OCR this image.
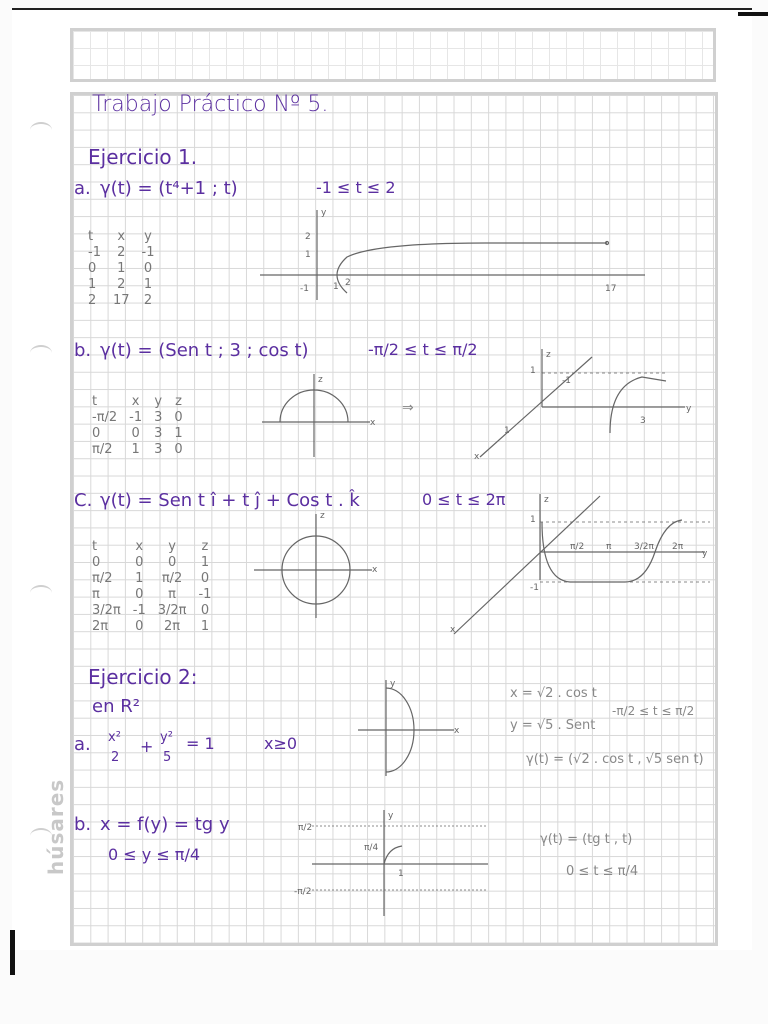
húsares
Trabajo Práctico Nº 5.
Ejercicio 1.
a. γ(t) = (t⁴+1 ; t)	-1 ≤ t ≤ 2
t	x	y
-1	2	-1
0	1	0
1	2	1
2	17	2
y
2
1
-1	1 2
17
b. γ(t) = (Sen t ; 3 ; cos t)	-π/2 ≤ t ≤ π/2
t	x	y	z
-π/2	-1	3	0
0	0	3	1
π/2	1	3	0
z
x
⇒
z
y
x
1
-1
3
1
C. γ(t) = Sen t î + t ĵ + Cos t . k̂	0 ≤ t ≤ 2π
t	x	y	z
0	0	0	1
π/2	1	π/2	0
π	0	π	-1
3/2π	-1	3/2π	0
2π	0	2π	1
z
x
z
y
x
π/2 π	3/2π 2π
1
-1
Ejercicio 2:
en R²
a. x²
2
y²
5
+ = 1	x≥0
y
x
x = √2 . cos t
y = √5 . Sent
-π/2 ≤ t ≤ π/2
γ(t) = (√2 . cos t , √5 sen t)
b. x = f(y) = tg y
0 ≤ y ≤ π/4
y
π/2
π/4
1
-π/2
γ(t) = (tg t , t)
0 ≤ t ≤ π/4
